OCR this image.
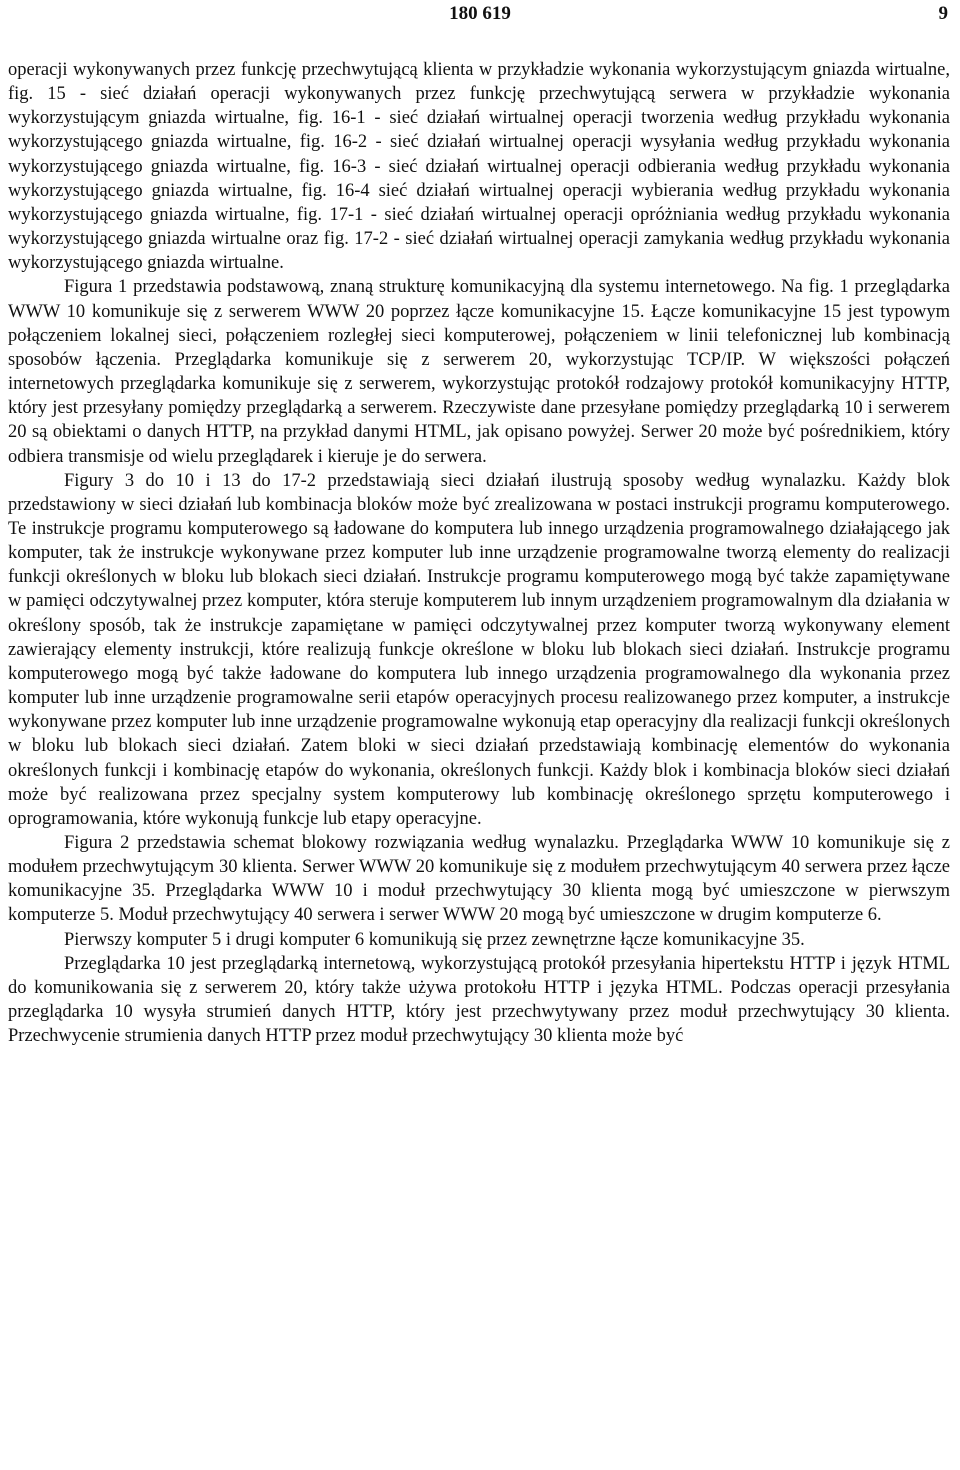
180 619	9

operacji wykonywanych przez funkcję przechwytującą klienta w przykładzie wykonania wykorzystującym gniazda wirtualne, fig. 15 - sieć działań operacji wykonywanych przez funkcję przechwytującą serwera w przykładzie wykonania wykorzystującym gniazda wirtualne, fig. 16-1 - sieć działań wirtualnej operacji tworzenia według przykładu wykonania wykorzystującego gniazda wirtualne, fig. 16-2 - sieć działań wirtualnej operacji wysyłania według przykładu wykonania wykorzystującego gniazda wirtualne, fig. 16-3 - sieć działań wirtualnej operacji odbierania według przykładu wykonania wykorzystującego gniazda wirtualne, fig. 16-4 sieć działań wirtualnej operacji wybierania według przykładu wykonania wykorzystującego gniazda wirtualne, fig. 17-1 - sieć działań wirtualnej operacji opróżniania według przykładu wykonania wykorzystującego gniazda wirtualne oraz fig. 17-2 - sieć działań wirtualnej operacji zamykania według przykładu wykonania wykorzystującego gniazda wirtualne.

Figura 1 przedstawia podstawową, znaną strukturę komunikacyjną dla systemu internetowego. Na fig. 1 przeglądarka WWW 10 komunikuje się z serwerem WWW 20 poprzez łącze komunikacyjne 15. Łącze komunikacyjne 15 jest typowym połączeniem lokalnej sieci, połączeniem rozległej sieci komputerowej, połączeniem w linii telefonicznej lub kombinacją sposobów łączenia. Przeglądarka komunikuje się z serwerem 20, wykorzystując TCP/IP. W większości połączeń internetowych przeglądarka komunikuje się z serwerem, wykorzystując protokół rodzajowy protokół komunikacyjny HTTP, który jest przesyłany pomiędzy przeglądarką a serwerem. Rzeczywiste dane przesyłane pomiędzy przeglądarką 10 i serwerem 20 są obiektami o danych HTTP, na przykład danymi HTML, jak opisano powyżej. Serwer 20 może być pośrednikiem, który odbiera transmisje od wielu przeglądarek i kieruje je do serwera.

Figury 3 do 10 i 13 do 17-2 przedstawiają sieci działań ilustrują sposoby według wynalazku. Każdy blok przedstawiony w sieci działań lub kombinacja bloków może być zrealizowana w postaci instrukcji programu komputerowego. Te instrukcje programu komputerowego są ładowane do komputera lub innego urządzenia programowalnego działającego jak komputer, tak że instrukcje wykonywane przez komputer lub inne urządzenie programowalne tworzą elementy do realizacji funkcji określonych w bloku lub blokach sieci działań. Instrukcje programu komputerowego mogą być także zapamiętywane w pamięci odczytywalnej przez komputer, która steruje komputerem lub innym urządzeniem programowalnym dla działania w określony sposób, tak że instrukcje zapamiętane w pamięci odczytywalnej przez komputer tworzą wykonywany element zawierający elementy instrukcji, które realizują funkcje określone w bloku lub blokach sieci działań. Instrukcje programu komputerowego mogą być także ładowane do komputera lub innego urządzenia programowalnego dla wykonania przez komputer lub inne urządzenie programowalne serii etapów operacyjnych procesu realizowanego przez komputer, a instrukcje wykonywane przez komputer lub inne urządzenie programowalne wykonują etap operacyjny dla realizacji funkcji określonych w bloku lub blokach sieci działań. Zatem bloki w sieci działań przedstawiają kombinację elementów do wykonania określonych funkcji i kombinację etapów do wykonania, określonych funkcji. Każdy blok i kombinacja bloków sieci działań może być realizowana przez specjalny system komputerowy lub kombinację określonego sprzętu komputerowego i oprogramowania, które wykonują funkcje lub etapy operacyjne.

Figura 2 przedstawia schemat blokowy rozwiązania według wynalazku. Przeglądarka WWW 10 komunikuje się z modułem przechwytującym 30 klienta. Serwer WWW 20 komunikuje się z modułem przechwytującym 40 serwera przez łącze komunikacyjne 35. Przeglądarka WWW 10 i moduł przechwytujący 30 klienta mogą być umieszczone w pierwszym komputerze 5. Moduł przechwytujący 40 serwera i serwer WWW 20 mogą być umieszczone w drugim komputerze 6.

Pierwszy komputer 5 i drugi komputer 6 komunikują się przez zewnętrzne łącze komunikacyjne 35.

Przeglądarka 10 jest przeglądarką internetową, wykorzystującą protokół przesyłania hipertekstu HTTP i język HTML do komunikowania się z serwerem 20, który także używa protokołu HTTP i języka HTML. Podczas operacji przesyłania przeglądarka 10 wysyła strumień danych HTTP, który jest przechwytywany przez moduł przechwytujący 30 klienta. Przechwycenie strumienia danych HTTP przez moduł przechwytujący 30 klienta może być
